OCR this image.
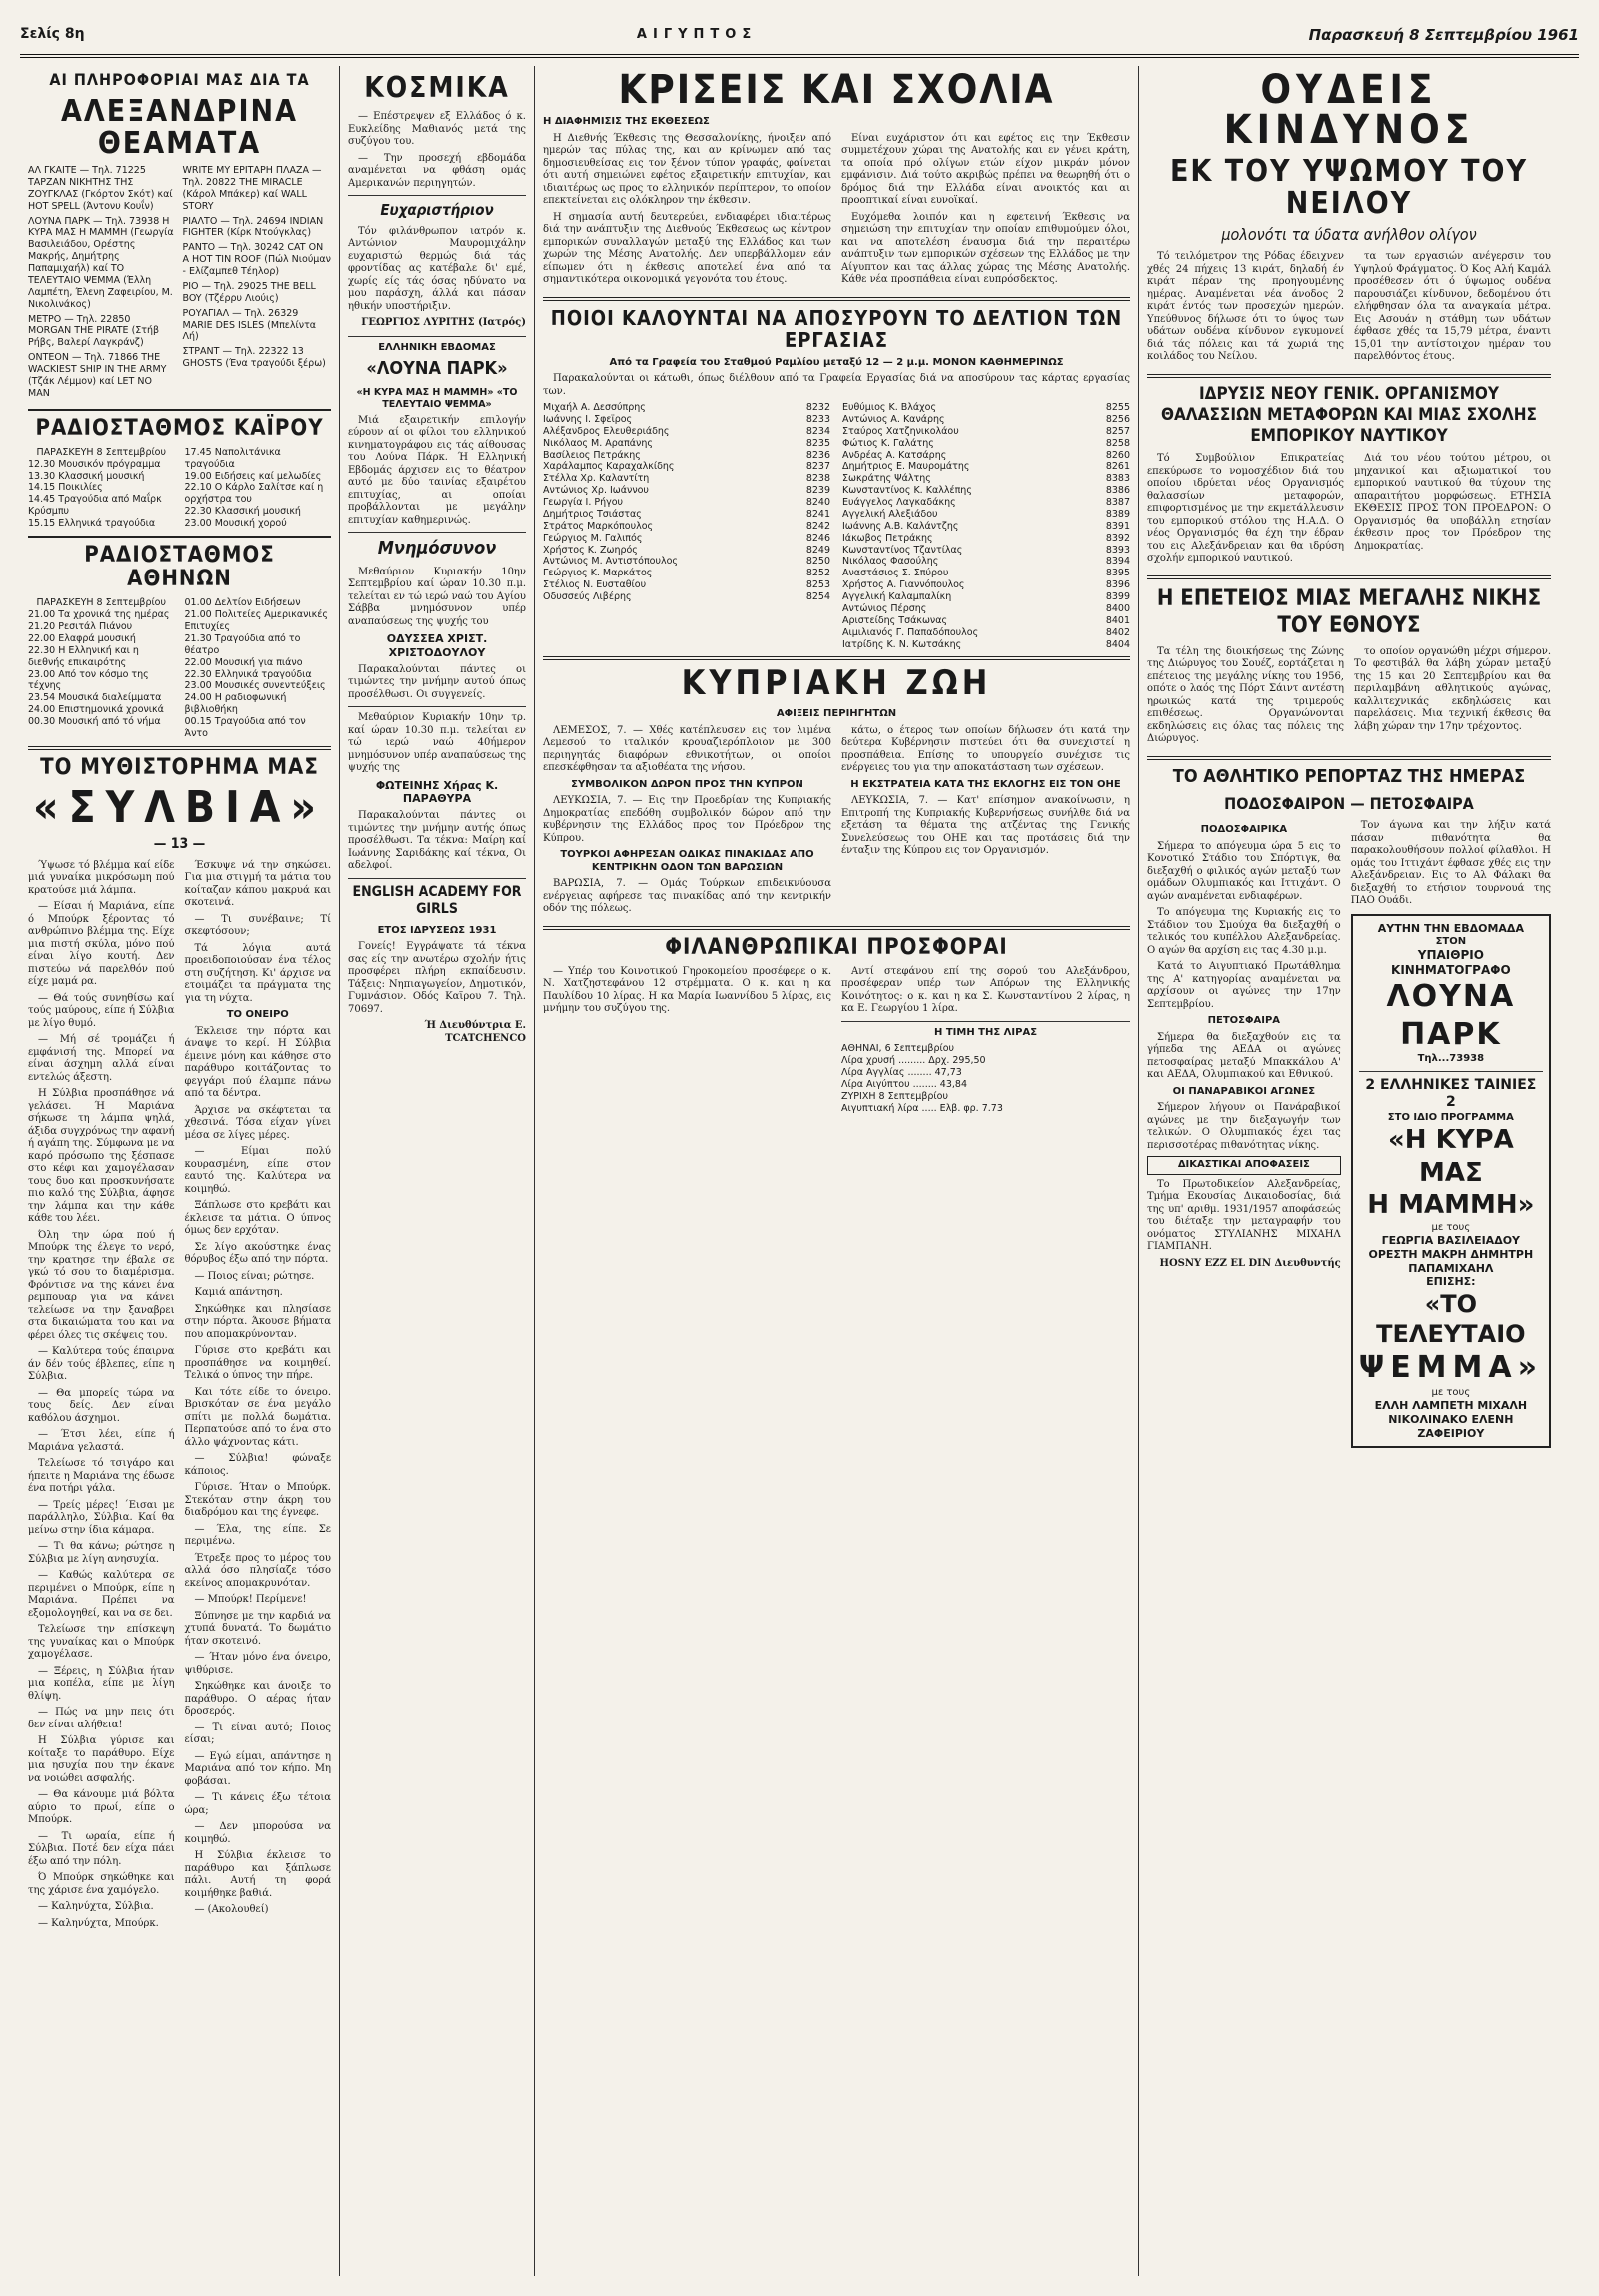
Σελίς 8η	ΑΙΓΥΠΤΟΣ	Παρασκευή 8 Σεπτεμβρίου 1961
ΑΙ ΠΛΗΡΟΦΟΡΙΑΙ ΜΑΣ ΔΙΑ ΤΑ
ΑΛΕΞΑΝΔΡΙΝΑ ΘΕΑΜΑΤΑ
ΑΛ ΓΚΑΙΤΕ — Τηλ. 71225 ΤΑΡΖΑΝ ΝΙΚΗΤΗΣ ΤΗΣ ΖΟΥΓΚΛΑΣ (Γκόρτον Σκότ) καί HOT SPELL (Άντονυ Κουΐν)
ΛΟΥΝΑ ΠΑΡΚ — Τηλ. 73938 Η ΚΥΡΑ ΜΑΣ Η ΜΑΜΜΗ (Γεωργία Βασιλειάδου, Ορέστης Μακρής, Δημήτρης Παπαμιχαήλ) καί ΤΟ ΤΕΛΕΥΤΑΙΟ ΨΕΜΜΑ (Έλλη Λαμπέτη, Έλενη Ζαφειρίου, Μ. Νικολινάκος)
ΜΕΤΡΟ — Τηλ. 22850 MORGAN THE PIRATE (Στήβ Ρήβς, Βαλερί Λαγκράνζ)
ΟΝΤΕΟΝ — Τηλ. 71866 THE WACKIEST SHIP IN THE ARMY (Τζάκ Λέμμον) καί LET NO MAN
WRITE MY ΕΡΙΤΑΡΗ ΠΛΑΖΑ — Τηλ. 20822 THE MIRACLE (Κάρολ Μπάκερ) καί WALL STORY
ΡΙΑΛΤΟ — Τηλ. 24694 INDIAN FIGHTER (Κίρκ Ντούγκλας)
ΡΑΝΤΟ — Τηλ. 30242 CAT ON A HOT TIN ROOF (Πώλ Νιούμαν - Ελίζαμπεθ Τέηλορ)
ΡΙΟ — Τηλ. 29025 THE BELL BOY (Τζέρρυ Λιούις)
ΡΟΥΑΓΙΑΛ — Τηλ. 26329 MARIE DES ISLES (Μπελίντα Λή)
ΣΤΡΑΝΤ — Τηλ. 22322 13 GHOSTS (Ένα τραγούδι ξέρω)
ΡΑΔΙΟΣΤΑΘΜΟΣ ΚΑΪΡΟΥ
ΠΑΡΑΣΚΕΥΗ 8 Σεπτεμβρίου
12.30 Μουσικόν πρόγραμμα
13.30 Κλασσική μουσική
14.15 Ποικιλίες
14.45 Τραγούδια από Μαΐρκ Κρύσμπυ
15.15 Ελληνικά τραγούδια
17.45 Ναπολιτάνικα τραγούδια
19.00 Ειδήσεις καί μελωδίες
22.10 Ο Κάρλο Σαλίτσε καί η ορχήστρα του
22.30 Κλασσική μουσική
23.00 Μουσική χορού
ΡΑΔΙΟΣΤΑΘΜΟΣ ΑΘΗΝΩΝ
ΠΑΡΑΣΚΕΥΗ 8 Σεπτεμβρίου
21.00 Τα χρονικά της ημέρας
21.20 Ρεσιτάλ Πιάνου
22.00 Ελαφρά μουσική
22.30 Η Ελληνική και η διεθνής επικαιρότης
23.00 Από τον κόσμο της τέχνης
23.54 Μουσικά διαλείμματα
24.00 Επιστημονικά χρονικά
00.30 Μουσική από τό νήμα
01.00 Δελτίον Ειδήσεων
21.00 Πολιτείες Αμερικανικές Επιτυχίες
21.30 Τραγούδια από το θέατρο
22.00 Μουσική για πιάνο
22.30 Ελληνικά τραγούδια
23.00 Μουσικές συνεντεύξεις
24.00 Η ραδιοφωνική βιβλιοθήκη
00.15 Τραγούδια από τον Άντο
ΤΟ ΜΥΘΙΣΤΟΡΗΜΑ ΜΑΣ
«ΣΥΛΒΙΑ»
— 13 —

Ύψωσε τό βλέμμα καί είδε μιά γυναίκα μικρόσωμη πού κρατούσε μιά λάμπα.

— Είσαι ή Μαριάνα, είπε ό Μπούρκ ξέροντας τό ανθρώπινο βλέμμα της. Είχε μια πιστή σκύλα, μόνο πού είναι λίγο κουτή. Δεν πιστεύω νά παρελθόν πού είχε μαμά ρα.

— Θά τούς συνηθίσω καί τούς μαύρους, είπε ή Σύλβια με λίγο θυμό.

— Μή σέ τρομάζει ή εμφάνισή της. Μπορεί να είναι άσχημη αλλά είναι εντελώς άξεστη.

Η Σύλβια προσπάθησε νά γελάσει. Ή Μαριάνα σήκωσε τη λάμπα ψηλά, άξιδα συγχρόνως την αφανή ή αγάπη της. Σύμφωνα με να καρό πρόσωπο της ξέσπασε στο κέφι και χαμογέλασαν τους δυο και προσκυνήσατε πιο καλό της Σύλβια, άφησε την λάμπα και την κάθε κάθε του λέει.

Όλη την ώρα πού ή Μπούρκ της έλεγε το νερό, την κρατησε την έβαλε σε γκώ τό σου το διαμέρισμα. Φρόντισε να της κάνει ένα ρεμπουαρ για να κάνει τελείωσε να την ξαναβρει στα δικαιώματα του και να φέρει όλες τις σκέψεις του.

— Καλύτερα τούς έπαιρνα άν δέν τούς έβλεπες, είπε η Σύλβια.

— Θα μπορείς τώρα να τους δείς. Δεν είναι καθόλου άσχημοι.

— Έτσι λέει, είπε ή Μαριάνα γελαστά.

Τελείωσε τό τσιγάρο και ήπειτε η Μαριάνα της έδωσε ένα ποτήρι γάλα.

— Τρείς μέρες! ΄Εισαι με παράλληλο, Σύλβια. Καί θα μείνω στην ίδια κάμαρα.

— Τι θα κάνω; ρώτησε η Σύλβια με λίγη ανησυχία.

— Καθώς καλύτερα σε περιμένει ο Μπούρκ, είπε η Μαριάνα. Πρέπει να εξομολογηθεί, και να σε δει.

Τελείωσε την επίσκεψη της γυναίκας και ο Μπούρκ χαμογέλασε.

— Ξέρεις, η Σύλβια ήταν μια κοπέλα, είπε με λίγη θλίψη.

— Πώς να μην πεις ότι δεν είναι αλήθεια!

Η Σύλβια γύρισε και κοίταξε το παράθυρο. Είχε μια ησυχία που την έκανε να νοιώθει ασφαλής.

— Θα κάνουμε μιά βόλτα αύριο το πρωί, είπε ο Μπούρκ.

— Τι ωραία, είπε ή Σύλβια. Ποτέ δεν είχα πάει έξω από την πόλη.

Ό Μπούρκ σηκώθηκε και της χάρισε ένα χαμόγελο.

— Καληνύχτα, Σύλβια.

— Καληνύχτα, Μπούρκ.

Έσκυψε νά την σηκώσει. Για μια στιγμή τα μάτια του κοίταζαν κάπου μακρυά και σκοτεινά.

— Τι συνέβαινε; Τί σκεφτόσουν;

Τά λόγια αυτά προειδοποιούσαν ένα τέλος στη συζήτηση. Κι' άρχισε να ετοιμάζει τα πράγματα της για τη νύχτα.

ΤΟ ΟΝΕΙΡΟ

Έκλεισε την πόρτα και άναψε το κερί. Η Σύλβια έμεινε μόνη και κάθησε στο παράθυρο κοιτάζοντας το φεγγάρι πού έλαμπε πάνω από τα δέντρα.

Άρχισε να σκέφτεται τα χθεσινά. Τόσα είχαν γίνει μέσα σε λίγες μέρες.

— Είμαι πολύ κουρασμένη, είπε στον εαυτό της. Καλύτερα να κοιμηθώ.

Ξάπλωσε στο κρεβάτι και έκλεισε τα μάτια. Ο ύπνος όμως δεν ερχόταν.

Σε λίγο ακούστηκε ένας θόρυβος έξω από την πόρτα.

— Ποιος είναι; ρώτησε.

Καμιά απάντηση.

Σηκώθηκε και πλησίασε στην πόρτα. Άκουσε βήματα που απομακρύνονταν.

Γύρισε στο κρεβάτι και προσπάθησε να κοιμηθεί. Τελικά ο ύπνος την πήρε.

Και τότε είδε το όνειρο. Βρισκόταν σε ένα μεγάλο σπίτι με πολλά δωμάτια. Περπατούσε από το ένα στο άλλο ψάχνοντας κάτι.

— Σύλβια! φώναξε κάποιος.

Γύρισε. Ήταν ο Μπούρκ. Στεκόταν στην άκρη του διαδρόμου και της έγνεφε.

— Έλα, της είπε. Σε περιμένω.

Έτρεξε προς το μέρος του αλλά όσο πλησίαζε τόσο εκείνος απομακρυνόταν.

— Μπούρκ! Περίμενε!

Ξύπνησε με την καρδιά να χτυπά δυνατά. Το δωμάτιο ήταν σκοτεινό.

— Ήταν μόνο ένα όνειρο, ψιθύρισε.

Σηκώθηκε και άνοιξε το παράθυρο. Ο αέρας ήταν δροσερός.

— Τι είναι αυτό; Ποιος είσαι;

— Εγώ είμαι, απάντησε η Μαριάνα από τον κήπο. Μη φοβάσαι.

— Τι κάνεις έξω τέτοια ώρα;

— Δεν μπορούσα να κοιμηθώ.

Η Σύλβια έκλεισε το παράθυρο και ξάπλωσε πάλι. Αυτή τη φορά κοιμήθηκε βαθιά.

— (Ακολουθεί)

ΚΟΣΜΙΚΑ

— Επέστρεψεν εξ Ελλάδος ό κ. Ευκλείδης Μαθιανός μετά της συζύγου του.

— Την προσεχή εβδομάδα αναμένεται να φθάση ομάς Αμερικανών περιηγητών.

Ευχαριστήριον

Τόν φιλάνθρωπον ιατρόν κ. Αντώνιον Μαυρομιχάλην ευχαριστώ θερμώς διά τάς φροντίδας ας κατέβαλε δι' εμέ, χωρίς είς τάς όσας ηδύνατο να μου παράσχη, άλλά και πάσαν ηθικήν υποστήριξιν.

ΓΕΩΡΓΙΟΣ ΛΥΡΙΤΗΣ (Ιατρός)
ΕΛΛΗΝΙΚΗ ΕΒΔΟΜΑΣ
«ΛΟΥΝΑ ΠΑΡΚ»
«Η ΚΥΡΑ ΜΑΣ Η ΜΑΜΜΗ» «ΤΟ ΤΕΛΕΥΤΑΙΟ ΨΕΜΜΑ»

Μιά εξαιρετικήν επιλογήν εύρουν αί οι φίλοι του ελληνικού κινηματογράφου εις τάς αίθουσας του Λούνα Πάρκ. Ή Ελληνική Εβδομάς άρχισεν εις το θέατρον αυτό με δύο ταινίας εξαιρέτου επιτυχίας, αι οποίαι προβάλλονται με μεγάλην επιτυχίαν καθημερινώς.

Μνημόσυνον

Μεθαύριον Κυριακήν 10ην Σεπτεμβρίου καί ώραν 10.30 π.μ. τελείται εν τώ ιερώ ναώ του Αγίου Σάββα μνημόσυνον υπέρ αναπαύσεως της ψυχής του

ΟΔΥΣΣΕΑ ΧΡΙΣΤ. ΧΡΙΣΤΟΔΟΥΛΟΥ

Παρακαλούνται πάντες οι τιμώντες την μνήμην αυτού όπως προσέλθωσι. Οι συγγενείς.

Μεθαύριον Κυριακήν 10ην τρ. καί ώραν 10.30 π.μ. τελείται εν τώ ιερώ ναώ 40ήμερον μνημόσυνον υπέρ αναπαύσεως της ψυχής της

ΦΩΤΕΙΝΗΣ Χήρας Κ. ΠΑΡΑΘΥΡΑ

Παρακαλούνται πάντες οι τιμώντες την μνήμην αυτής όπως προσέλθωσι. Τα τέκνα: Μαίρη καί Ιωάννης Σαριδάκης καί τέκνα, Οι αδελφοί.

ENGLISH ACADEMY FOR GIRLS
ΕΤΟΣ ΙΔΡΥΣΕΩΣ 1931

Γονείς! Εγγράψατε τά τέκνα σας είς την ανωτέρω σχολήν ήτις προσφέρει πλήρη εκπαίδευσιν. Τάξεις: Νηπιαγωγείον, Δημοτικόν, Γυμνάσιον. Οδός Καϊρου 7. Τηλ. 70697.

Ή Διευθύντρια Ε. TCATCHENCO
ΚΡΙΣΕΙΣ ΚΑΙ ΣΧΟΛΙΑ
Η ΔΙΑΦΗΜΙΣΙΣ ΤΗΣ ΕΚΘΕΣΕΩΣ

Η Διεθνής Έκθεσις της Θεσσαλονίκης, ήνοιξεν από ημερών τας πύλας της, και αν κρίνωμεν από τας δημοσιευθείσας εις τον ξένον τύπον γραφάς, φαίνεται ότι αυτή σημειώνει εφέτος εξαιρετικήν επιτυχίαν, και ιδιαιτέρως ως προς το ελληνικόν περίπτερον, το οποίον επεκτείνεται εις ολόκληρον την έκθεσιν.

Η σημασία αυτή δευτερεύει, ενδιαφέρει ιδιαιτέρως διά την ανάπτυξιν της Διεθνούς Έκθεσεως ως κέντρον εμπορικών συναλλαγών μεταξύ της Ελλάδος και των χωρών της Μέσης Ανατολής. Δεν υπερβάλλομεν εάν είπωμεν ότι η έκθεσις αποτελεί ένα από τα σημαντικότερα οικονομικά γεγονότα του έτους.

Είναι ευχάριστον ότι και εφέτος εις την Έκθεσιν συμμετέχουν χώραι της Ανατολής και εν γένει κράτη, τα οποία πρό ολίγων ετών είχον μικράν μόνον εμφάνισιν. Διά τούτο ακριβώς πρέπει να θεωρηθή ότι ο δρόμος διά την Ελλάδα είναι ανοικτός και αι προοπτικαί είναι ευνοϊκαί.

Ευχόμεθα λοιπόν και η εφετεινή Έκθεσις να σημειώση την επιτυχίαν την οποίαν επιθυμούμεν όλοι, και να αποτελέση έναυσμα διά την περαιτέρω ανάπτυξιν των εμπορικών σχέσεων της Ελλάδος με την Αίγυπτον και τας άλλας χώρας της Μέσης Ανατολής. Κάθε νέα προσπάθεια είναι ευπρόσδεκτος.

ΠΟΙΟΙ ΚΑΛΟΥΝΤΑΙ ΝΑ ΑΠΟΣΥΡΟΥΝ ΤΟ ΔΕΛΤΙΟΝ ΤΩΝ ΕΡΓΑΣΙΑΣ
Από τα Γραφεία του Σταθμού Ραμλίου μεταξύ 12 — 2 μ.μ. ΜΟΝΟΝ ΚΑΘΗΜΕΡΙΝΩΣ

Παρακαλούνται οι κάτωθι, όπως διέλθουν από τα Γραφεία Εργασίας διά να αποσύρουν τας κάρτας εργασίας των.

Μιχαήλ Α. Δεσσύπρης	8232
Ιωάννης Ι. Σφεϊρος	8233
Αλέξανδρος Ελευθεριάδης	8234
Νικόλαος Μ. Αραπάνης	8235
Βασίλειος Πετράκης	8236
Χαράλαμπος Καραχαλκίδης	8237
Στέλλα Χρ. Καλαντίτη	8238
Αντώνιος Χρ. Ιωάννου	8239
Γεωργία Ι. Ρήγου	8240
Δημήτριος Τσιάστας	8241
Στράτος Μαρκόπουλος	8242
Γεώργιος Μ. Γαλιπός	8246
Χρήστος Κ. Ζωηρός	8249
Αντώνιος Μ. Αντιστόπουλος	8250
Γεώργιος Κ. Μαρκάτος	8252
Στέλιος Ν. Ευσταθίου	8253
Οδυσσεύς Λιβέρης	8254
Ευθύμιος Κ. Βλάχος	8255
Αντώνιος Α. Κανάρης	8256
Σταύρος Χατζηνικολάου	8257
Φώτιος Κ. Γαλάτης	8258
Ανδρέας Α. Κατσάρης	8260
Δημήτριος Ε. Μαυρομάτης	8261
Σωκράτης Ψάλτης	8383
Κωνσταντίνος Κ. Καλλέπης	8386
Ευάγγελος Λαγκαδάκης	8387
Αγγελική Αλεξιάδου	8389
Ιωάννης Α.Β. Καλάντζης	8391
Ιάκωβος Πετράκης	8392
Κωνσταντίνος Τζαντίλας	8393
Νικόλαος Φασούλης	8394
Αναστάσιος Σ. Σπύρου	8395
Χρήστος Α. Γιαννόπουλος	8396
Αγγελική Καλαμπαλίκη	8399
Αντώνιος Πέρσης	8400
Αριστείδης Τσάκωνας	8401
Αιμιλιανός Γ. Παπαδόπουλος	8402
Ιατρίδης Κ. Ν. Κωτσάκης	8404
ΚΥΠΡΙΑΚΗ ΖΩΗ
ΑΦΙΞΕΙΣ ΠΕΡΙΗΓΗΤΩΝ

ΛΕΜΕΣΟΣ, 7. — Χθές κατέπλευσεν εις τον λιμένα Λεμεσού το ιταλικόν κρουαζιερόπλοιον με 300 περιηγητάς διαφόρων εθνικοτήτων, οι οποίοι επεσκέφθησαν τα αξιοθέατα της νήσου.

ΣΥΜΒΟΛΙΚΟΝ ΔΩΡΟΝ ΠΡΟΣ ΤΗΝ ΚΥΠΡΟΝ

ΛΕΥΚΩΣΙΑ, 7. — Εις την Προεδρίαν της Κυπριακής Δημοκρατίας επεδόθη συμβολικόν δώρον από την κυβέρνησιν της Ελλάδος προς τον Πρόεδρον της Κύπρου.

ΤΟΥΡΚΟΙ ΑΦΗΡΕΣΑΝ ΟΔΙΚΑΣ ΠΙΝΑΚΙΔΑΣ ΑΠΟ ΚΕΝΤΡΙΚΗΝ ΟΔΟΝ ΤΩΝ ΒΑΡΩΣΙΩΝ

ΒΑΡΩΣΙΑ, 7. — Ομάς Τούρκων επιδεικνύουσα ενέργειας αφήρεσε τας πινακίδας από την κεντρικήν οδόν της πόλεως.

κάτω, ο έτερος των οποίων δήλωσεν ότι κατά την δεύτερα Κυβέρνησιν πιστεύει ότι θα συνεχιστεί η προσπάθεια. Επίσης το υπουργείο συνέχισε τις ενέργειες του για την αποκατάσταση των σχέσεων.

Η ΕΚΣΤΡΑΤΕΙΑ ΚΑΤΑ ΤΗΣ ΕΚΛΟΓΗΣ ΕΙΣ ΤΟΝ ΟΗΕ

ΛΕΥΚΩΣΙΑ, 7. — Κατ' επίσημον ανακοίνωσιν, η Επιτροπή της Κυπριακής Κυβερνήσεως συνήλθε διά να εξετάση τα θέματα της ατζέντας της Γενικής Συνελεύσεως του ΟΗΕ και τας προτάσεις διά την ένταξιν της Κύπρου εις τον Οργανισμόν.

ΦΙΛΑΝΘΡΩΠΙΚΑΙ ΠΡΟΣΦΟΡΑΙ

— Υπέρ του Κοινοτικού Γηροκομείου προσέφερε ο κ. Ν. Χατζηστεφάνου 12 στρέμματα. Ο κ. και η κα Παυλίδου 10 λίρας. Η κα Μαρία Ιωαννίδου 5 λίρας, εις μνήμην του συζύγου της.

Αντί στεφάνου επί της σορού του Αλεξάνδρου, προσέφεραν υπέρ των Απόρων της Ελληνικής Κοινότητος: ο κ. και η κα Σ. Κωνσταντίνου 2 λίρας, η κα Ε. Γεωργίου 1 λίρα.

Η ΤΙΜΗ ΤΗΣ ΛΙΡΑΣ
ΑΘΗΝΑΙ, 6 Σεπτεμβρίου
Λίρα χρυσή ......... Δρχ. 295,50
Λίρα Αγγλίας ........ 47,73
Λίρα Αιγύπτου ........ 43,84
ΖΥΡΙΧΗ 8 Σεπτεμβρίου
Αιγυπτιακή λίρα ..... Ελβ. φρ. 7.73
ΟΥΔΕΙΣ ΚΙΝΔΥΝΟΣ
ΕΚ ΤΟΥ ΥΨΩΜΟΥ ΤΟΥ ΝΕΙΛΟΥ
μολονότι τα ύδατα ανήλθον ολίγον

Τό τειλόμετρον της Ρόδας έδειχνεν χθές 24 πήχεις 13 κιράτ, δηλαδή έν κιράτ πέραν της προηγουμένης ημέρας. Αναμένεται νέα άνοδος 2 κιράτ έντός των προσεχών ημερών. Υπεύθυνος δήλωσε ότι το ύψος των υδάτων ουδένα κίνδυνον εγκυμονεί διά τάς πόλεις και τά χωριά της κοιλάδος του Νείλου.

τα των εργασιών ανέγερσιν του Υψηλού Φράγματος. Ό Κος Αλή Καμάλ προσέθεσεν ότι ό ύψωμος ουδένα παρουσιάζει κίνδυνον, δεδομένου ότι ελήφθησαν όλα τα αναγκαία μέτρα. Εις Ασουάν η στάθμη των υδάτων έφθασε χθές τα 15,79 μέτρα, έναντι 15,01 την αντίστοιχον ημέραν του παρελθόντος έτους.

ΙΔΡΥΣΙΣ ΝΕΟΥ ΓΕΝΙΚ. ΟΡΓΑΝΙΣΜΟΥ ΘΑΛΑΣΣΙΩΝ ΜΕΤΑΦΟΡΩΝ ΚΑΙ ΜΙΑΣ ΣΧΟΛΗΣ ΕΜΠΟΡΙΚΟΥ ΝΑΥΤΙΚΟΥ

Τό Συμβούλιον Επικρατείας επεκύρωσε το νομοσχέδιον διά του οποίου ιδρύεται νέος Οργανισμός θαλασσίων μεταφορών, επιφορτισμένος με την εκμετάλλευσιν του εμπορικού στόλου της Η.Α.Δ. Ο νέος Οργανισμός θα έχη την έδραν του εις Αλεξάνδρειαν και θα ιδρύση σχολήν εμπορικού ναυτικού.

Διά του νέου τούτου μέτρου, οι μηχανικοί και αξιωματικοί του εμπορικού ναυτικού θα τύχουν της απαραιτήτου μορφώσεως. ΕΤΗΣΙΑ ΕΚΘΕΣΙΣ ΠΡΟΣ ΤΟΝ ΠΡΟΕΔΡΟΝ: Ο Οργανισμός θα υποβάλλη ετησίαν έκθεσιν προς τον Πρόεδρον της Δημοκρατίας.

Η ΕΠΕΤΕΙΟΣ ΜΙΑΣ ΜΕΓΑΛΗΣ ΝΙΚΗΣ ΤΟΥ ΕΘΝΟΥΣ

Τα τέλη της διοικήσεως της Ζώνης της Διώρυγος του Σουέζ, εορτάζεται η επέτειος της μεγάλης νίκης του 1956, οπότε ο λαός της Πόρτ Σάιντ αντέστη ηρωικώς κατά της τριμερούς επιθέσεως. Οργανώνονται εκδηλώσεις εις όλας τας πόλεις της Διώρυγος.

το οποίον οργανώθη μέχρι σήμερον. Το φεστιβάλ θα λάβη χώραν μεταξύ της 15 και 20 Σεπτεμβρίου και θα περιλαμβάνη αθλητικούς αγώνας, καλλιτεχνικάς εκδηλώσεις και παρελάσεις. Μια τεχνική έκθεσις θα λάβη χώραν την 17ην τρέχοντος.

ΤΟ ΑΘΛΗΤΙΚΟ ΡΕΠΟΡΤΑΖ ΤΗΣ ΗΜΕΡΑΣ
ΠΟΔΟΣΦΑΙΡΟΝ — ΠΕΤΟΣΦΑΙΡΑ
ΠΟΔΟΣΦΑΙΡΙΚΑ

Σήμερα το απόγευμα ώρα 5 εις το Κονοτικό Στάδιο του Σπόρτιγκ, θα διεξαχθή ο φιλικός αγών μεταξύ των ομάδων Ολυμπιακός και Ιττιχάντ. Ο αγών αναμένεται ενδιαφέρων.

Το απόγευμα της Κυριακής εις το Στάδιον του Σμούχα θα διεξαχθή ο τελικός του κυπέλλου Αλεξανδρείας. Ο αγών θα αρχίση εις τας 4.30 μ.μ.

Κατά το Αιγυπτιακό Πρωτάθλημα της Α' κατηγορίας αναμένεται να αρχίσουν οι αγώνες την 17ην Σεπτεμβρίου.

ΠΕΤΟΣΦΑΙΡΑ

Σήμερα θα διεξαχθούν εις τα γήπεδα της ΑΕΔΑ οι αγώνες πετοσφαίρας μεταξύ Μπακκάλου Α' και ΑΕΔΑ, Ολυμπιακού και Εθνικού.

ΟΙ ΠΑΝΑΡΑΒΙΚΟΙ ΑΓΩΝΕΣ

Σήμερον λήγουν οι Πανάραβικοί αγώνες με την διεξαγωγήν των τελικών. Ο Ολυμπιακός έχει τας περισσοτέρας πιθανότητας νίκης.

ΔΙΚΑΣΤΙΚΑΙ ΑΠΟΦΑΣΕΙΣ

Το Πρωτοδικείον Αλεξανδρείας, Τμήμα Εκουσίας Δικαιοδοσίας, διά της υπ' αριθμ. 1931/1957 αποφάσεώς του διέταξε την μεταγραφήν του ονόματος ΣΤΥΛΙΑΝΗΣ ΜΙΧΑΗΛ ΓΙΑΜΠΑΝΗ.

HOSNY EZZ EL DIN Διευθυντής

Τον άγωνα και την λήξιν κατά πάσαν πιθανότητα θα παρακολουθήσουν πολλοί φίλαθλοι. Η ομάς του Ιττιχάντ έφθασε χθές εις την Αλεξάνδρειαν. Εις το Αλ Φάλακι θα διεξαχθή το ετήσιον τουρνουά της ΠΑΟ Ουάδι.

ΑΥΤΗΝ ΤΗΝ ΕΒΔΟΜΑΔΑ
ΣΤΟΝ
ΥΠΑΙΘΡΙΟ ΚΙΝΗΜΑΤΟΓΡΑΦΟ
ΛΟΥΝΑ ΠΑΡΚ
Τηλ...73938
2 ΕΛΛΗΝΙΚΕΣ ΤΑΙΝΙΕΣ 2
ΣΤΟ ΙΔΙΟ ΠΡΟΓΡΑΜΜΑ
«Η ΚΥΡΑ ΜΑΣ
Η ΜΑΜΜΗ»
με τους
ΓΕΩΡΓΙΑ ΒΑΣΙΛΕΙΑΔΟΥ ΟΡΕΣΤΗ ΜΑΚΡΗ ΔΗΜΗΤΡΗ ΠΑΠΑΜΙΧΑΗΛ
ΕΠΙΣΗΣ:
«ΤΟ ΤΕΛΕΥΤΑΙΟ
ΨΕΜΜΑ»
με τους
ΕΛΛΗ ΛΑΜΠΕΤΗ ΜΙΧΑΛΗ ΝΙΚΟΛΙΝΑΚΟ ΕΛΕΝΗ ΖΑΦΕΙΡΙΟΥ
